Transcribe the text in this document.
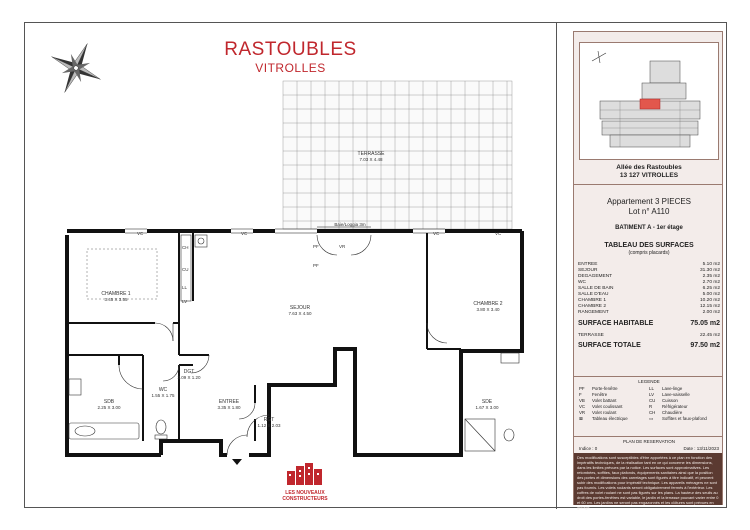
RASTOUBLES
VITROLLES
TERRASSE
7.03 X 4.48
CHAMBRE 1
3.45 X 3.55
SEJOUR
7.63 X 4.50
CHAMBRE 2
3.80 X 3.40
DGT
3.09 X 1.20
SDB
2.25 X 3.00
WC
1.55 X 1.75
ENTREE
3.35 X 1.80
RGT
1.12 X 2.03
SDE
1.67 X 3.00
VC	VC	VC	VC
Baie/Loggia 3m
CH
CU
LL
LV
PF
PF
VR
LES NOUVEAUX
CONSTRUCTEURS
Allée des Rastoubles
13 127 VITROLLES
Appartement 3 PIECES
Lot n° A110
BATIMENT A - 1er étage
TABLEAU DES SURFACES
(compris placards)
ENTREE	5.10 m2
SEJOUR	31.30 m2
DEGAGEMENT	2.35 m2
WC	2.70 m2
SALLE DE BAIN	6.25 m2
SALLE D'EAU	5.00 m2
CHAMBRE 1	10.20 m2
CHAMBRE 2	12.15 m2
RANGEMENT	2.00 m2
SURFACE HABITABLE	75.05 m2
TERRASSE	22.45 m2
SURFACE TOTALE	97.50 m2
LEGENDE
PF Porte-fenêtre	LL Lave-linge
F Fenêtre	LV Lave-vaisselle
VB Volet battant	CU Cuisson
VC Volet coulissant	R Réfrigérateur
VR Volet roulant	CH Chaudière
⊠ Tableau électrique	▭ Soffites et faux-plafond
PLAN DE RESERVATION
Indice : 0	Date : 13/11/2023
Des modifications sont susceptibles d'être apportées à ce plan en fonction des impératifs techniques, de la réalisation tant en ce qui concerne les dimensions, dans les limites prévues par la notice. Les surfaces sont approximatives. Les retombées, soffites, faux plafonds, équipements sanitaires ainsi que la position des portes et dimensions des carrelages sont figurés à titre indicatif, et peuvent subir des modifications pour impératif technique. Les appareils ménagers ne sont pas fournis. Les volets roulants seront obligatoirement fermés à l'extérieur. Les coffres de volet roulant ne sont pas figurés sur les plans. La hauteur des seuils au droit des portes-fenêtres est variable, le jardin et la terrasse pouvant varier entre 0 et 60 cm. Les jardins ne seront pas engazonnés et les clôtures sont prévues en grillage.
